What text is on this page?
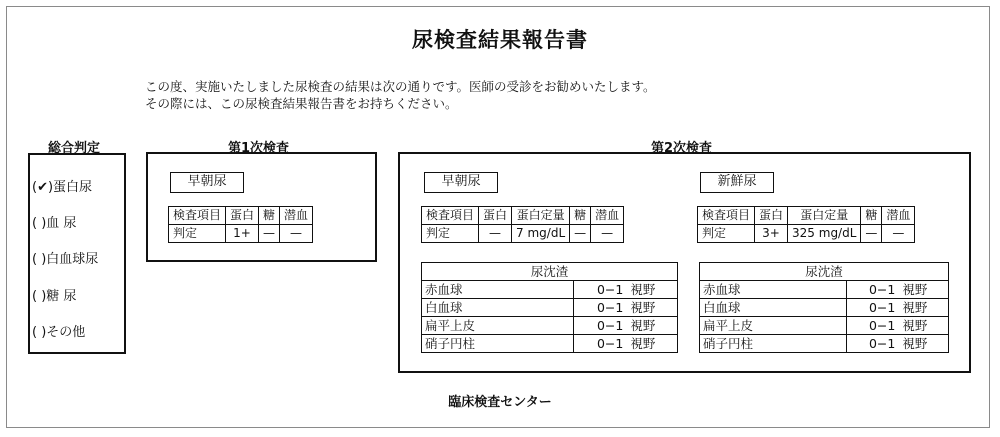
尿検査結果報告書
この度、実施いたしました尿検査の結果は次の通りです。医師の受診をお勧めいたします。
その際には、この尿検査結果報告書をお持ちください。
総合判定
(✔)蛋白尿
( )血 尿
( )白血球尿
( )糖 尿
( )その他
第1次検査
早朝尿
検査項目	蛋白	糖	潜血
判定	1+	—	—
第2次検査
早朝尿
検査項目	蛋白	蛋白定量	糖	潜血
判定	—	7 mg/dL	—	—
尿沈渣		
赤血球	0−1	視野
白血球	0−1	視野
扁平上皮	0−1	視野
硝子円柱	0−1	視野
新鮮尿
検査項目	蛋白	蛋白定量	糖	潜血
判定	3+	325 mg/dL	—	—
尿沈渣		
赤血球	0−1	視野
白血球	0−1	視野
扁平上皮	0−1	視野
硝子円柱	0−1	視野
臨床検査センター
